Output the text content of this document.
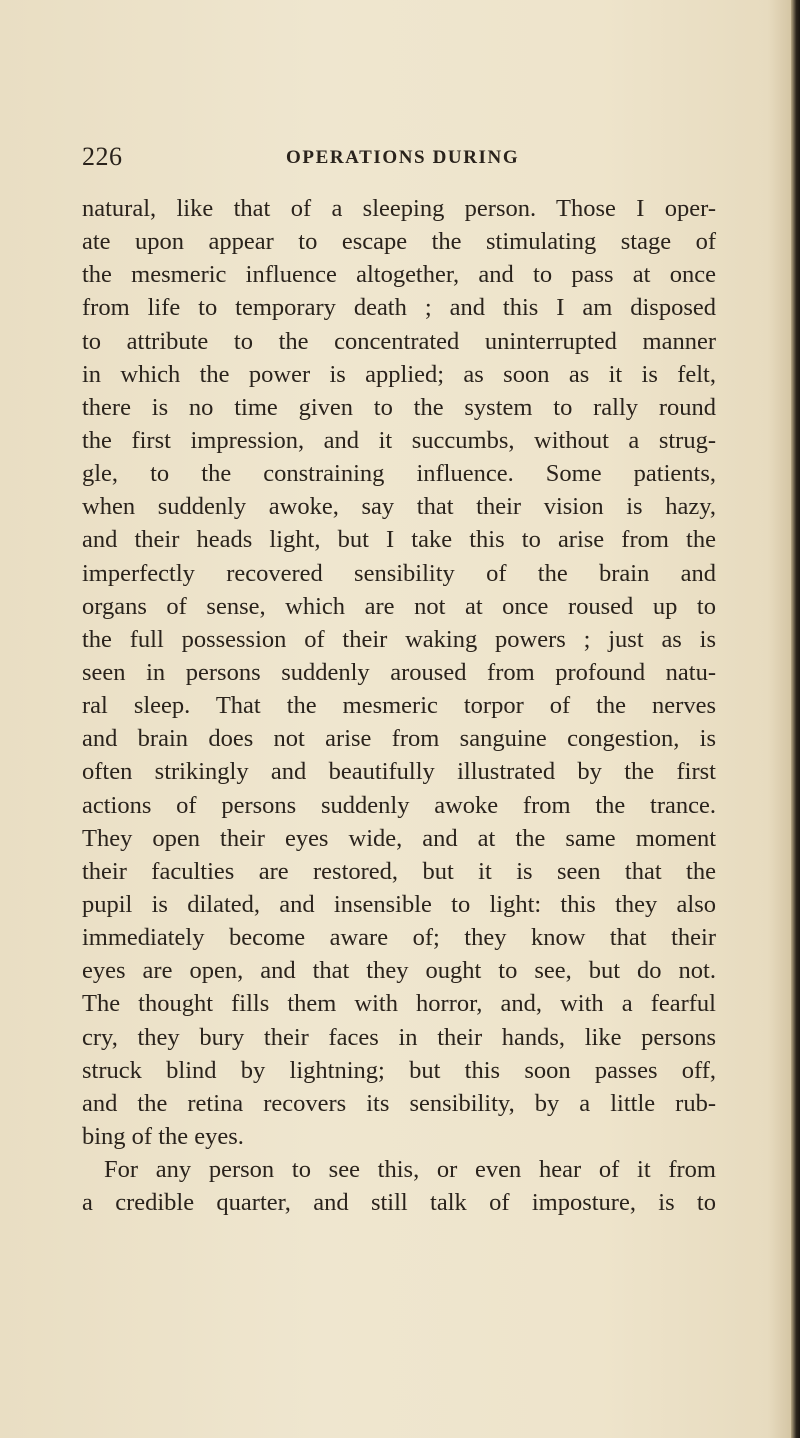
226	OPERATIONS DURING
natural, like that of a sleeping person. Those I oper-
ate upon appear to escape the stimulating stage of
the mesmeric influence altogether, and to pass at once
from life to temporary death ; and this I am disposed
to attribute to the concentrated uninterrupted manner
in which the power is applied; as soon as it is felt,
there is no time given to the system to rally round
the first impression, and it succumbs, without a strug-
gle, to the constraining influence. Some patients,
when suddenly awoke, say that their vision is hazy,
and their heads light, but I take this to arise from the
imperfectly recovered sensibility of the brain and
organs of sense, which are not at once roused up to
the full possession of their waking powers ; just as is
seen in persons suddenly aroused from profound natu-
ral sleep. That the mesmeric torpor of the nerves
and brain does not arise from sanguine congestion, is
often strikingly and beautifully illustrated by the first
actions of persons suddenly awoke from the trance.
They open their eyes wide, and at the same moment
their faculties are restored, but it is seen that the
pupil is dilated, and insensible to light: this they also
immediately become aware of; they know that their
eyes are open, and that they ought to see, but do not.
The thought fills them with horror, and, with a fearful
cry, they bury their faces in their hands, like persons
struck blind by lightning; but this soon passes off,
and the retina recovers its sensibility, by a little rub-
bing of the eyes.
For any person to see this, or even hear of it from
a credible quarter, and still talk of imposture, is to
